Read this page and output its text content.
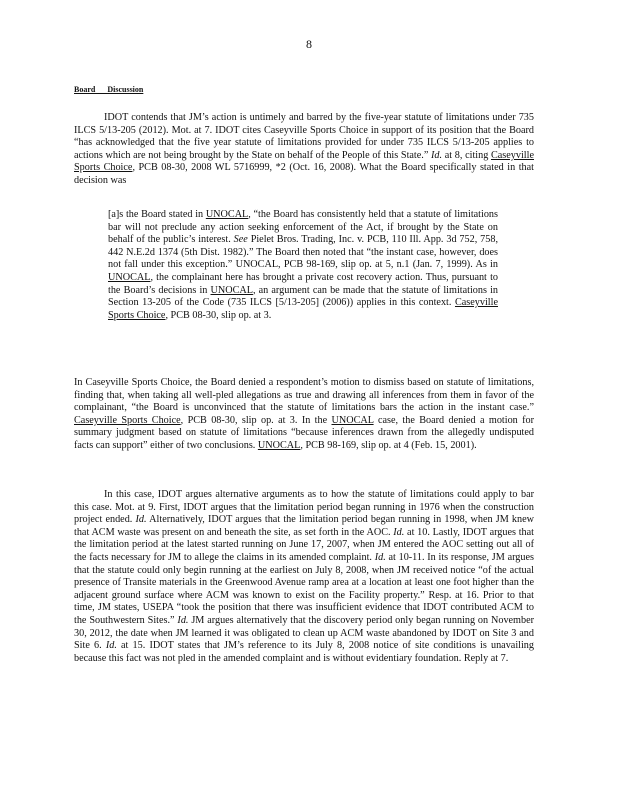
8
Board Discussion

IDOT contends that JM’s action is untimely and barred by the five-year statute of limitations under 735 ILCS 5/13-205 (2012). Mot. at 7. IDOT cites Caseyville Sports Choice in support of its position that the Board “has acknowledged that the five year statute of limitations provided for under 735 ILCS 5/13-205 applies to actions which are not being brought by the State on behalf of the People of this State.” Id. at 8, citing Caseyville Sports Choice, PCB 08-30, 2008 WL 5716999, *2 (Oct. 16, 2008). What the Board specifically stated in that decision was

[a]s the Board stated in UNOCAL, “the Board has consistently held that a statute of limitations bar will not preclude any action seeking enforcement of the Act, if brought by the State on behalf of the public’s interest. See Pielet Bros. Trading, Inc. v. PCB, 110 Ill. App. 3d 752, 758, 442 N.E.2d 1374 (5th Dist. 1982).” The Board then noted that “the instant case, however, does not fall under this exception.” UNOCAL, PCB 98-169, slip op. at 5, n.1 (Jan. 7, 1999). As in UNOCAL, the complainant here has brought a private cost recovery action. Thus, pursuant to the Board’s decisions in UNOCAL, an argument can be made that the statute of limitations in Section 13-205 of the Code (735 ILCS [5/13-205] (2006)) applies in this context. Caseyville Sports Choice, PCB 08-30, slip op. at 3.

In Caseyville Sports Choice, the Board denied a respondent’s motion to dismiss based on statute of limitations, finding that, when taking all well-pled allegations as true and drawing all inferences from them in favor of the complainant, “the Board is unconvinced that the statute of limitations bars the action in the instant case.” Caseyville Sports Choice, PCB 08-30, slip op. at 3. In the UNOCAL case, the Board denied a motion for summary judgment based on statute of limitations “because inferences drawn from the allegedly undisputed facts can support” either of two conclusions. UNOCAL, PCB 98-169, slip op. at 4 (Feb. 15, 2001).

In this case, IDOT argues alternative arguments as to how the statute of limitations could apply to bar this case. Mot. at 9. First, IDOT argues that the limitation period began running in 1976 when the construction project ended. Id. Alternatively, IDOT argues that the limitation period began running in 1998, when JM knew that ACM waste was present on and beneath the site, as set forth in the AOC. Id. at 10. Lastly, IDOT argues that the limitation period at the latest started running on June 17, 2007, when JM entered the AOC setting out all of the facts necessary for JM to allege the claims in its amended complaint. Id. at 10-11. In its response, JM argues that the statute could only begin running at the earliest on July 8, 2008, when JM received notice “of the actual presence of Transite materials in the Greenwood Avenue ramp area at a location at least one foot higher than the adjacent ground surface where ACM was known to exist on the Facility property.” Resp. at 16. Prior to that time, JM states, USEPA “took the position that there was insufficient evidence that IDOT contributed ACM to the Southwestern Sites.” Id. JM argues alternatively that the discovery period only began running on November 30, 2012, the date when JM learned it was obligated to clean up ACM waste abandoned by IDOT on Site 3 and Site 6. Id. at 15. IDOT states that JM’s reference to its July 8, 2008 notice of site conditions is unavailing because this fact was not pled in the amended complaint and is without evidentiary foundation. Reply at 7.
